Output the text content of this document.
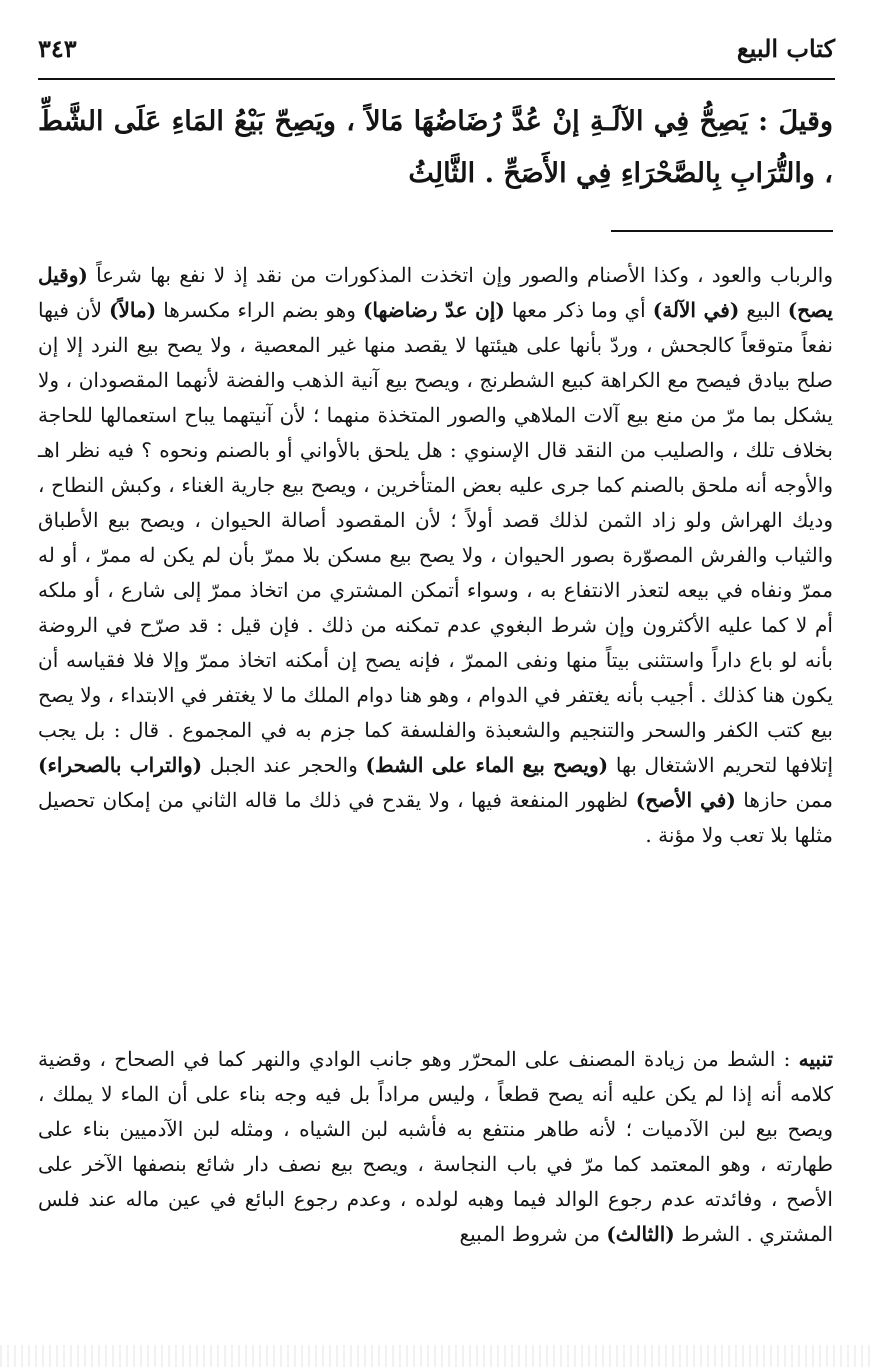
كتاب البيع
٣٤٣
وقيلَ : يَصِحُّ فِي الآلَـةِ إنْ عُدَّ رُضَاضُهَا مَالاً ، ويَصِحّ بَيْعُ المَاءِ عَلَى الشَّطِّ ، والتُّرَابِ بِالصَّحْرَاءِ فِي الأَصَحِّ . الثَّالِثُ

والرباب والعود ، وكذا الأصنام والصور وإن اتخذت المذكورات من نقد إذ لا نفع بها شرعاً (وقيل يصح) البيع (في الآلة) أي وما ذكر معها (إن عدّ رضاضها) وهو بضم الراء مكسرها (مالاً) لأن فيها نفعاً متوقعاً كالجحش ، وردّ بأنها على هيئتها لا يقصد منها غير المعصية ، ولا يصح بيع النرد إلا إن صلح بيادق فيصح مع الكراهة كبيع الشطرنج ، ويصح بيع آنية الذهب والفضة لأنهما المقصودان ، ولا يشكل بما مرّ من منع بيع آلات الملاهي والصور المتخذة منهما ؛ لأن آنيتهما يباح استعمالها للحاجة بخلاف تلك ، والصليب من النقد قال الإسنوي : هل يلحق بالأواني أو بالصنم ونحوه ؟ فيه نظر اهـ والأوجه أنه ملحق بالصنم كما جرى عليه بعض المتأخرين ، ويصح بيع جارية الغناء ، وكبش النطاح ، وديك الهراش ولو زاد الثمن لذلك قصد أولاً ؛ لأن المقصود أصالة الحيوان ، ويصح بيع الأطباق والثياب والفرش المصوّرة بصور الحيوان ، ولا يصح بيع مسكن بلا ممرّ بأن لم يكن له ممرّ ، أو له ممرّ ونفاه في بيعه لتعذر الانتفاع به ، وسواء أتمكن المشتري من اتخاذ ممرّ إلى شارع ، أو ملكه أم لا كما عليه الأكثرون وإن شرط البغوي عدم تمكنه من ذلك . فإن قيل : قد صرّح في الروضة بأنه لو باع داراً واستثنى بيتاً منها ونفى الممرّ ، فإنه يصح إن أمكنه اتخاذ ممرّ وإلا فلا فقياسه أن يكون هنا كذلك . أجيب بأنه يغتفر في الدوام ، وهو هنا دوام الملك ما لا يغتفر في الابتداء ، ولا يصح بيع كتب الكفر والسحر والتنجيم والشعبذة والفلسفة كما جزم به في المجموع . قال : بل يجب إتلافها لتحريم الاشتغال بها (ويصح بيع الماء على الشط) والحجر عند الجبل (والتراب بالصحراء) ممن حازها (في الأصح) لظهور المنفعة فيها ، ولا يقدح في ذلك ما قاله الثاني من إمكان تحصيل مثلها بلا تعب ولا مؤنة .

تنبيه : الشط من زيادة المصنف على المحرّر وهو جانب الوادي والنهر كما في الصحاح ، وقضية كلامه أنه إذا لم يكن عليه أنه يصح قطعاً ، وليس مراداً بل فيه وجه بناء على أن الماء لا يملك ، ويصح بيع لبن الآدميات ؛ لأنه طاهر منتفع به فأشبه لبن الشياه ، ومثله لبن الآدميين بناء على طهارته ، وهو المعتمد كما مرّ في باب النجاسة ، ويصح بيع نصف دار شائع بنصفها الآخر على الأصح ، وفائدته عدم رجوع الوالد فيما وهبه لولده ، وعدم رجوع البائع في عين ماله عند فلس المشتري . الشرط (الثالث) من شروط المبيع
